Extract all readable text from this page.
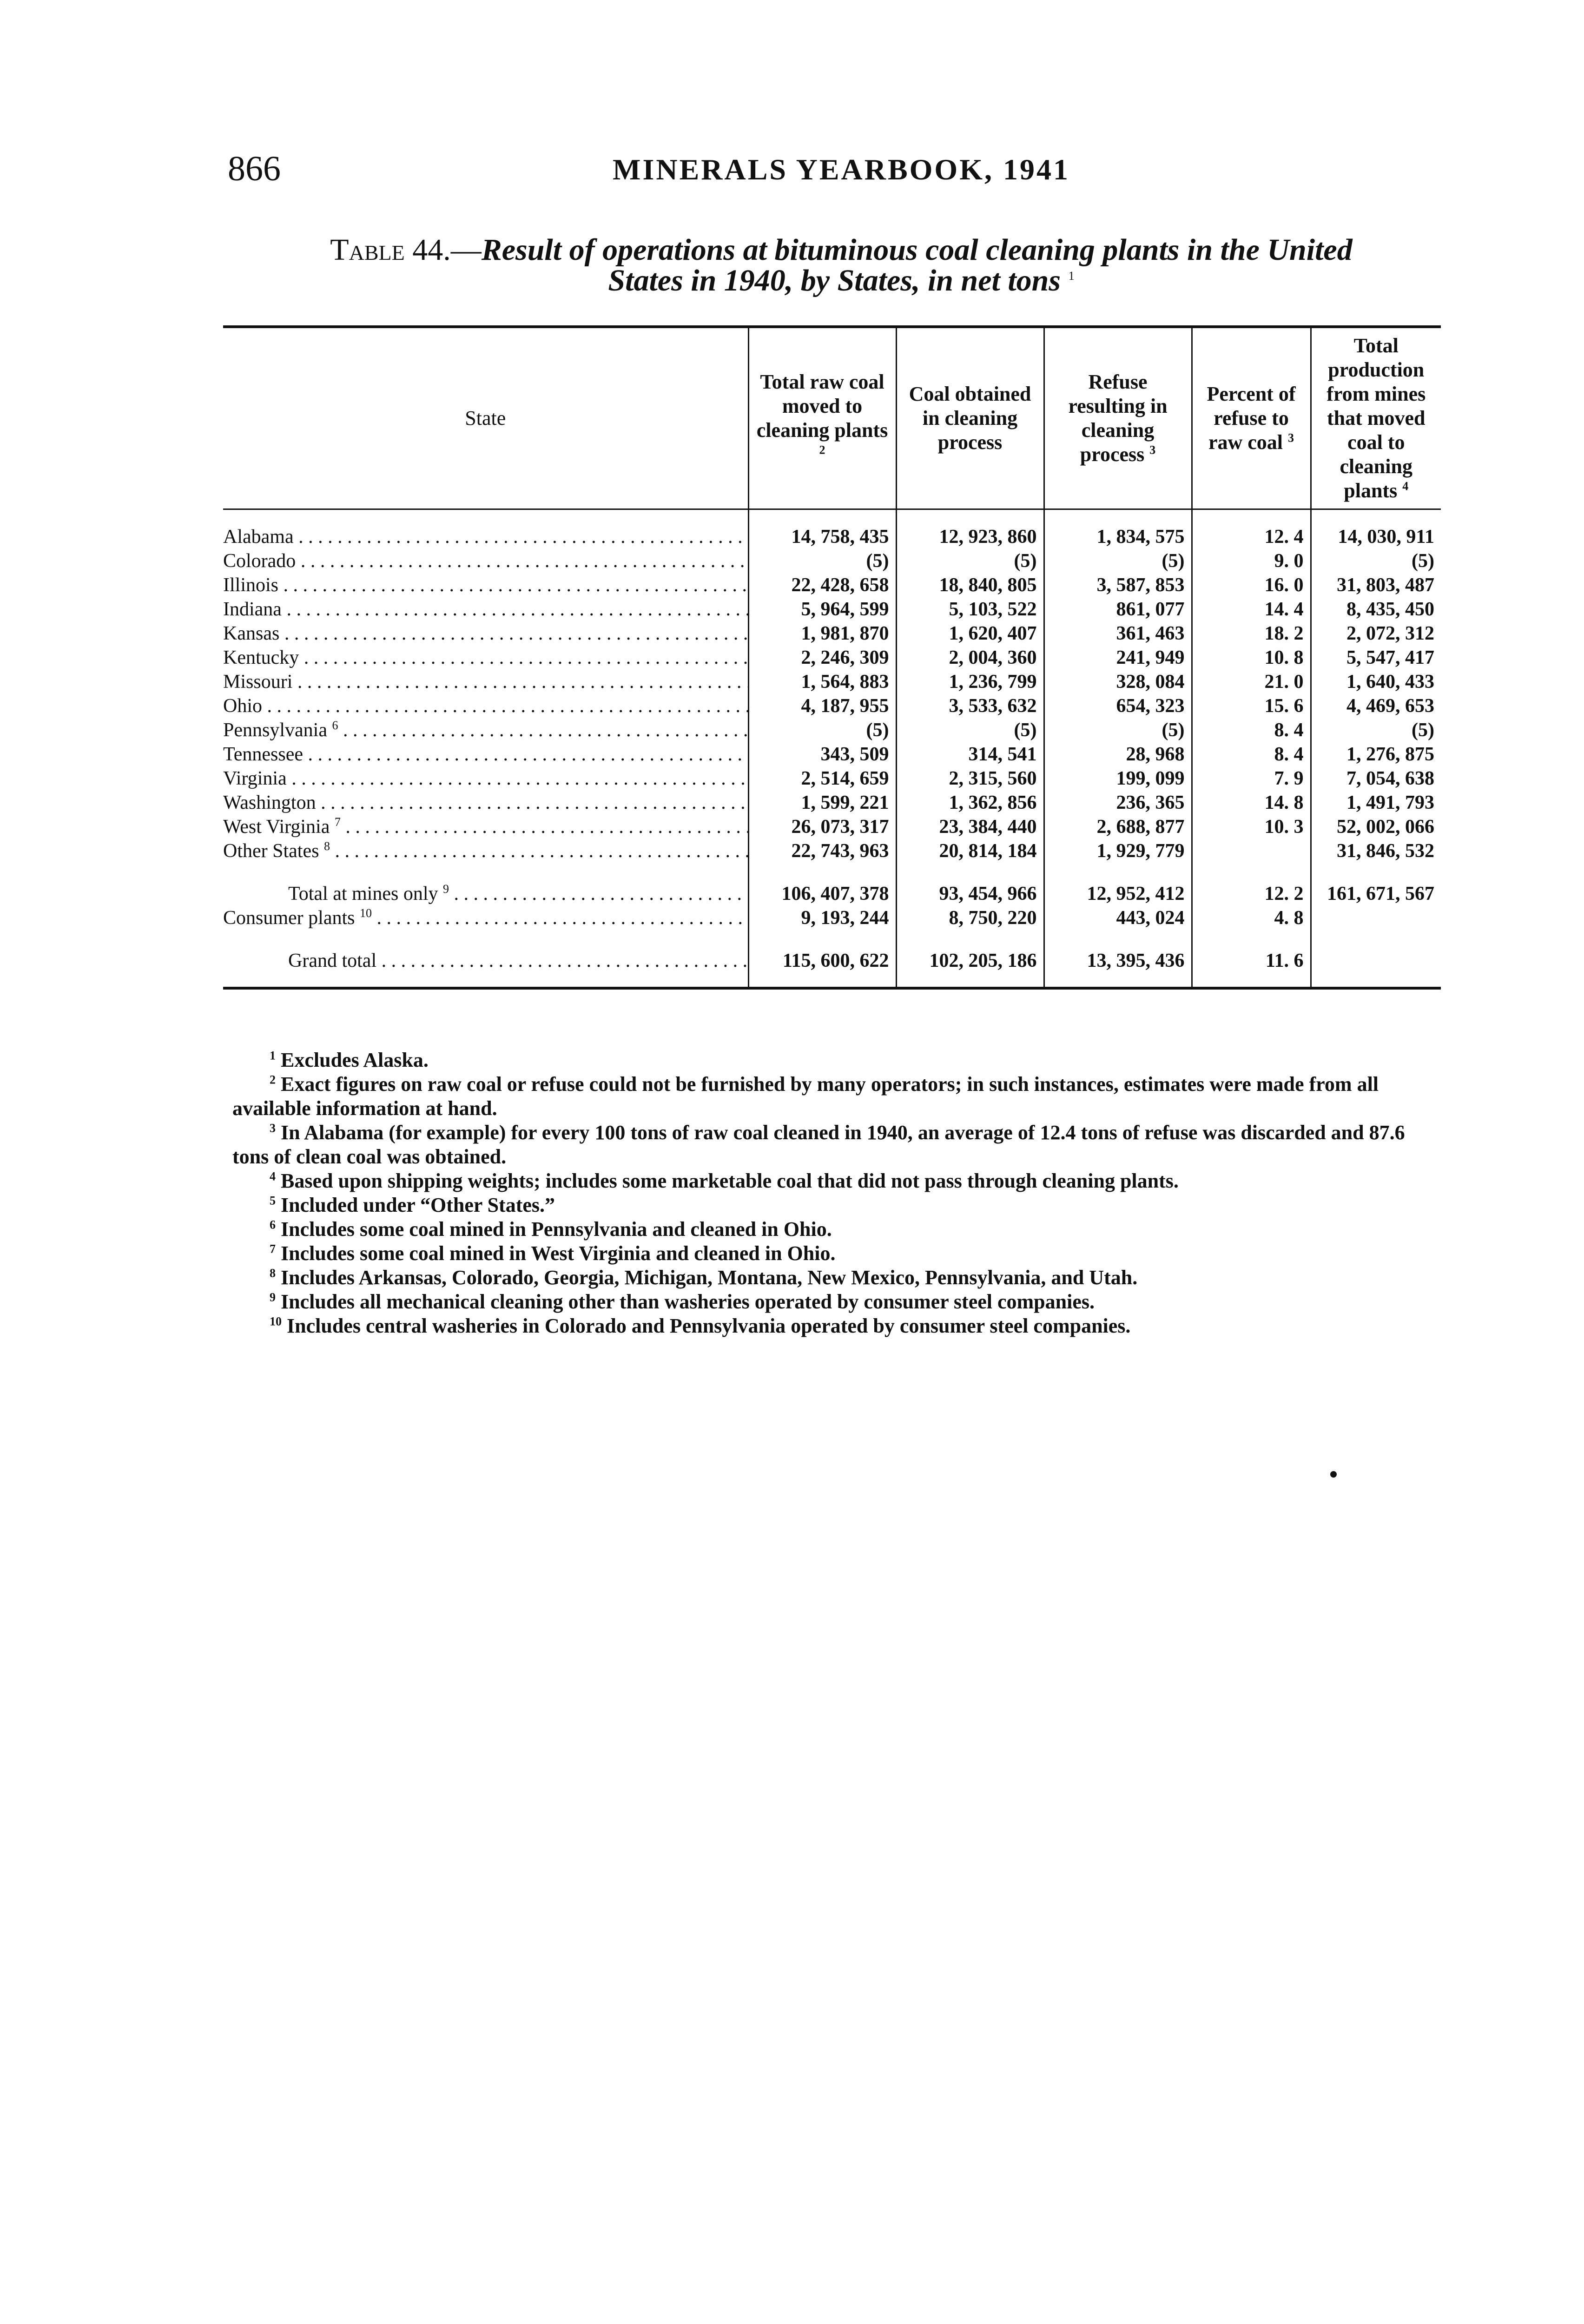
866	MINERALS YEARBOOK, 1941
Table 44.—Result of operations at bituminous coal cleaning plants in the United
States in 1940, by States, in net tons $^1$
State	Total raw coal moved to cleaning plants $^2$	Coal obtained in cleaning process	Refuse resulting in cleaning process $^3$	Percent of refuse to raw coal $^3$	Total production from mines that moved coal to cleaning plants $^4$
Alabama . . .	14, 758, 435	12, 923, 860	1, 834, 575	12. 4	14, 030, 911
Colorado . . .	(5)	(5)	(5)	9. 0	(5)
Illinois . . .	22, 428, 658	18, 840, 805	3, 587, 853	16. 0	31, 803, 487
Indiana . . .	5, 964, 599	5, 103, 522	861, 077	14. 4	8, 435, 450
Kansas . . .	1, 981, 870	1, 620, 407	361, 463	18. 2	2, 072, 312
Kentucky . . .	2, 246, 309	2, 004, 360	241, 949	10. 8	5, 547, 417
Missouri . . .	1, 564, 883	1, 236, 799	328, 084	21. 0	1, 640, 433
Ohio . . .	4, 187, 955	3, 533, 632	654, 323	15. 6	4, 469, 653
Pennsylvania $^6$ . . .	(5)	(5)	(5)	8. 4	(5)
Tennessee . . .	343, 509	314, 541	28, 968	8. 4	1, 276, 875
Virginia . . .	2, 514, 659	2, 315, 560	199, 099	7. 9	7, 054, 638
Washington . . .	1, 599, 221	1, 362, 856	236, 365	14. 8	1, 491, 793
West Virginia $^7$ . . .	26, 073, 317	23, 384, 440	2, 688, 877	10. 3	52, 002, 066
Other States $^8$ . . .	22, 743, 963	20, 814, 184	1, 929, 779		31, 846, 532

Total at mines only $^9$ . . .	106, 407, 378	93, 454, 966	12, 952, 412	12. 2	161, 671, 567
Consumer plants $^{10}$ . . .	9, 193, 244	8, 750, 220	443, 024	4. 8	

Grand total . . .	115, 600, 622	102, 205, 186	13, 395, 436	11. 6	

$^1$ Excludes Alaska.

$^2$ Exact figures on raw coal or refuse could not be furnished by many operators; in such instances, estimates were made from all available information at hand.

$^3$ In Alabama (for example) for every 100 tons of raw coal cleaned in 1940, an average of 12.4 tons of refuse was discarded and 87.6 tons of clean coal was obtained.

$^4$ Based upon shipping weights; includes some marketable coal that did not pass through cleaning plants.

$^5$ Included under “Other States.”

$^6$ Includes some coal mined in Pennsylvania and cleaned in Ohio.

$^7$ Includes some coal mined in West Virginia and cleaned in Ohio.

$^8$ Includes Arkansas, Colorado, Georgia, Michigan, Montana, New Mexico, Pennsylvania, and Utah.

$^9$ Includes all mechanical cleaning other than washeries operated by consumer steel companies.

$^{10}$ Includes central washeries in Colorado and Pennsylvania operated by consumer steel companies.
